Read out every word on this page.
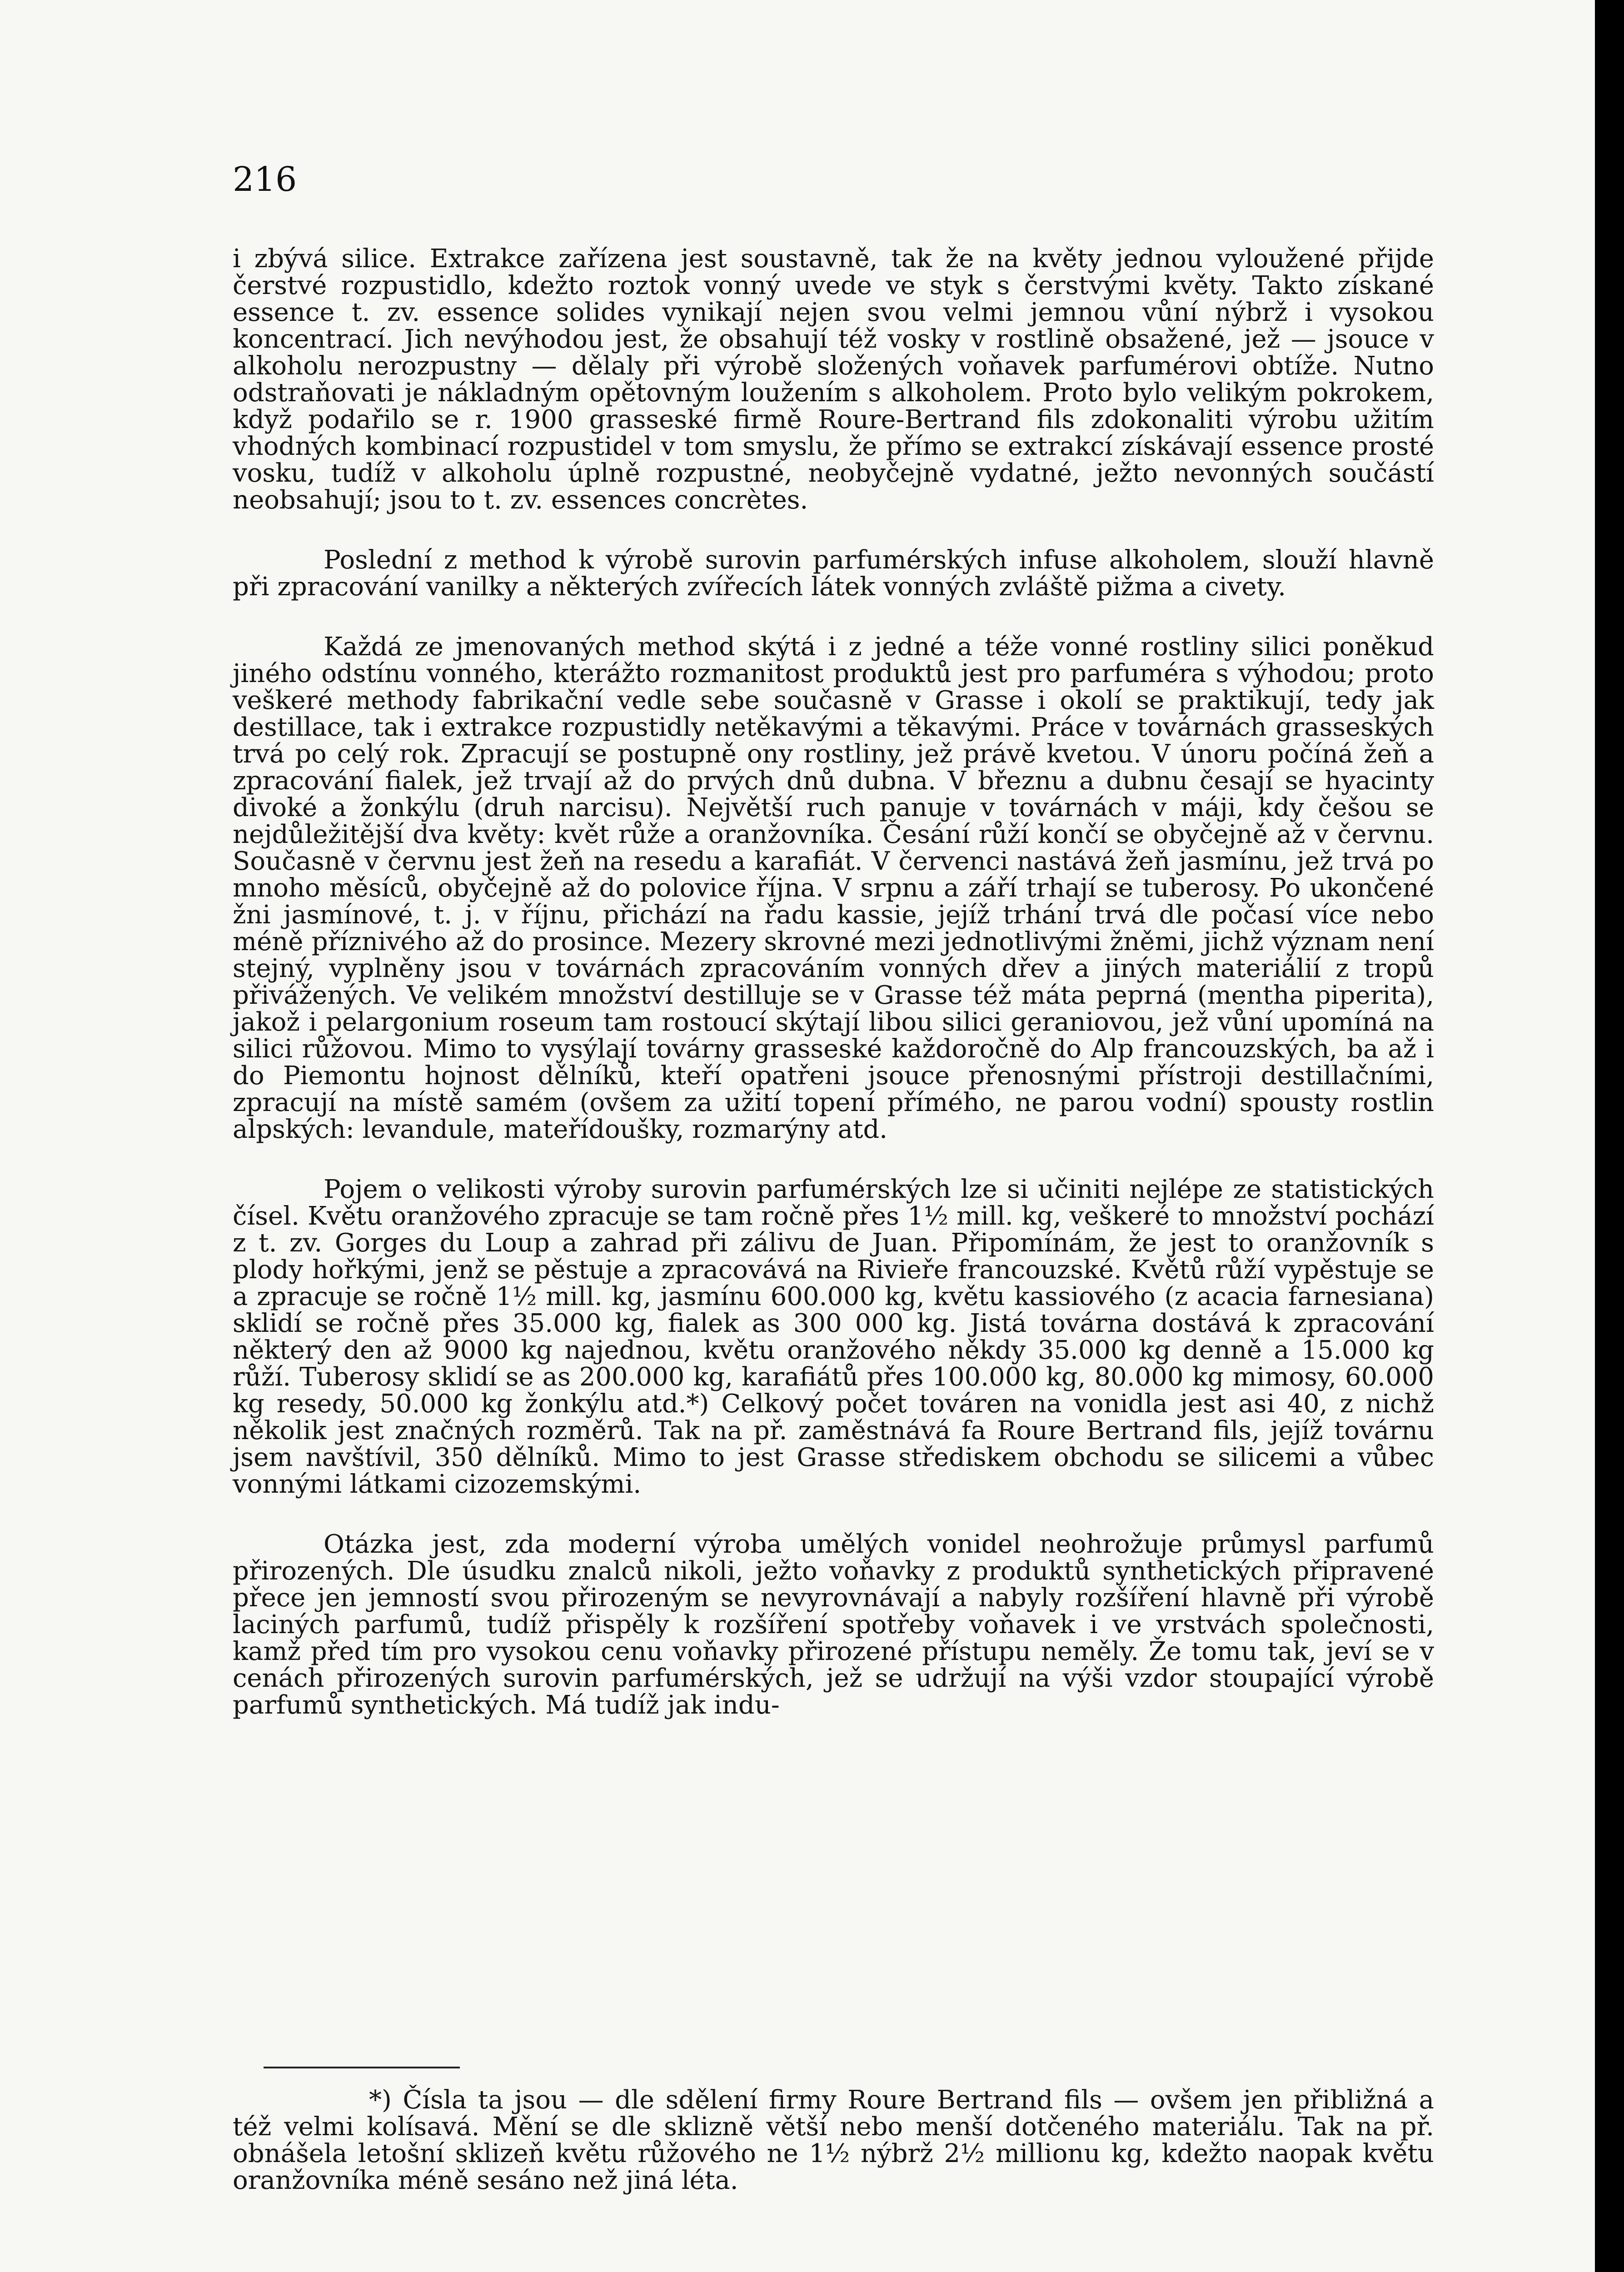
216

i zbývá silice. Extrakce zařízena jest soustavně, tak že na květy jednou vyloužené přijde čerstvé rozpustidlo, kdežto roztok vonný uvede ve styk s čerstvými květy. Takto získané essence t. zv. essence solides vynikají nejen svou velmi jemnou vůní nýbrž i vysokou koncentrací. Jich nevýhodou jest, že obsahují též vosky v rostlině obsažené, jež — jsouce v alkoholu nerozpustny — dělaly při výrobě složených voňavek parfumérovi obtíže. Nutno odstraňovati je nákladným opětovným loužením s alkoholem. Proto bylo velikým pokrokem, když podařilo se r. 1900 grasseské firmě Roure-Bertrand fils zdokonaliti výrobu užitím vhodných kombinací rozpustidel v tom smyslu, že přímo se extrakcí získávají essence prosté vosku, tudíž v alkoholu úplně rozpustné, neobyčejně vydatné, ježto nevonných součástí neobsahují; jsou to t. zv. essences concrètes.

Poslední z method k výrobě surovin parfumérských infuse alkoholem, slouží hlavně při zpracování vanilky a některých zvířecích látek vonných zvláště pižma a civety.

Každá ze jmenovaných method skýtá i z jedné a téže vonné rostliny silici poněkud jiného odstínu vonného, kterážto rozmanitost produktů jest pro parfuméra s výhodou; proto veškeré methody fabrikační vedle sebe současně v Grasse i okolí se praktikují, tedy jak destillace, tak i extrakce rozpustidly netěkavými a těkavými. Práce v továrnách grasseských trvá po celý rok. Zpracují se postupně ony rostliny, jež právě kvetou. V únoru počíná žeň a zpracování fialek, jež trvají až do prvých dnů dubna. V březnu a dubnu česají se hyacinty divoké a žonkýlu (druh narcisu). Největší ruch panuje v továrnách v máji, kdy češou se nejdůležitější dva květy: květ růže a oranžovníka. Česání růží končí se obyčejně až v červnu. Současně v červnu jest žeň na resedu a karafiát. V červenci nastává žeň jasmínu, jež trvá po mnoho měsíců, obyčejně až do polovice října. V srpnu a září trhají se tuberosy. Po ukončené žni jasmínové, t. j. v říjnu, přichází na řadu kassie, jejíž trhání trvá dle počasí více nebo méně příznivého až do prosince. Mezery skrovné mezi jednotlivými žněmi, jichž význam není stejný, vyplněny jsou v továrnách zpracováním vonných dřev a jiných materiálií z tropů přivážených. Ve velikém množství destilluje se v Grasse též máta peprná (mentha piperita), jakož i pelargonium roseum tam rostoucí skýtají libou silici geraniovou, jež vůní upomíná na silici růžovou. Mimo to vysýlají továrny grasseské každoročně do Alp francouzských, ba až i do Piemontu hojnost dělníků, kteří opatřeni jsouce přenosnými přístroji destillačními, zpracují na místě samém (ovšem za užití topení přímého, ne parou vodní) spousty rostlin alpských: levandule, mateřídoušky, rozmarýny atd.

Pojem o velikosti výroby surovin parfumérských lze si učiniti nejlépe ze statistických čísel. Květu oranžového zpracuje se tam ročně přes 1½ mill. kg, veškeré to množství pochází z t. zv. Gorges du Loup a zahrad při zálivu de Juan. Připomínám, že jest to oranžovník s plody hořkými, jenž se pěstuje a zpracovává na Rivieře francouzské. Květů růží vypěstuje se a zpracuje se ročně 1½ mill. kg, jasmínu 600.000 kg, květu kassiového (z acacia farnesiana) sklidí se ročně přes 35.000 kg, fialek as 300 000 kg. Jistá továrna dostává k zpracování některý den až 9000 kg najednou, květu oranžového někdy 35.000 kg denně a 15.000 kg růží. Tuberosy sklidí se as 200.000 kg, karafiátů přes 100.000 kg, 80.000 kg mimosy, 60.000 kg resedy, 50.000 kg žonkýlu atd.*) Celkový počet továren na vonidla jest asi 40, z nichž několik jest značných rozměrů. Tak na př. zaměstnává fa Roure Bertrand fils, jejíž továrnu jsem navštívil, 350 dělníků. Mimo to jest Grasse střediskem obchodu se silicemi a vůbec vonnými látkami cizozemskými.

Otázka jest, zda moderní výroba umělých vonidel neohrožuje průmysl parfumů přirozených. Dle úsudku znalců nikoli, ježto voňavky z produktů synthetických připravené přece jen jemností svou přirozeným se nevyrovnávají a nabyly rozšíření hlavně při výrobě laciných parfumů, tudíž přispěly k rozšíření spotřeby voňavek i ve vrstvách společnosti, kamž před tím pro vysokou cenu voňavky přirozené přístupu neměly. Že tomu tak, jeví se v cenách přirozených surovin parfumérských, jež se udržují na výši vzdor stoupající výrobě parfumů synthetických. Má tudíž jak indu-

*) Čísla ta jsou — dle sdělení firmy Roure Bertrand fils — ovšem jen přibližná a též velmi kolísavá. Mění se dle sklizně větší nebo menší dotčeného materiálu. Tak na př. obnášela letošní sklizeň květu růžového ne 1½ nýbrž 2½ millionu kg, kdežto naopak květu oranžovníka méně sesáno než jiná léta.
